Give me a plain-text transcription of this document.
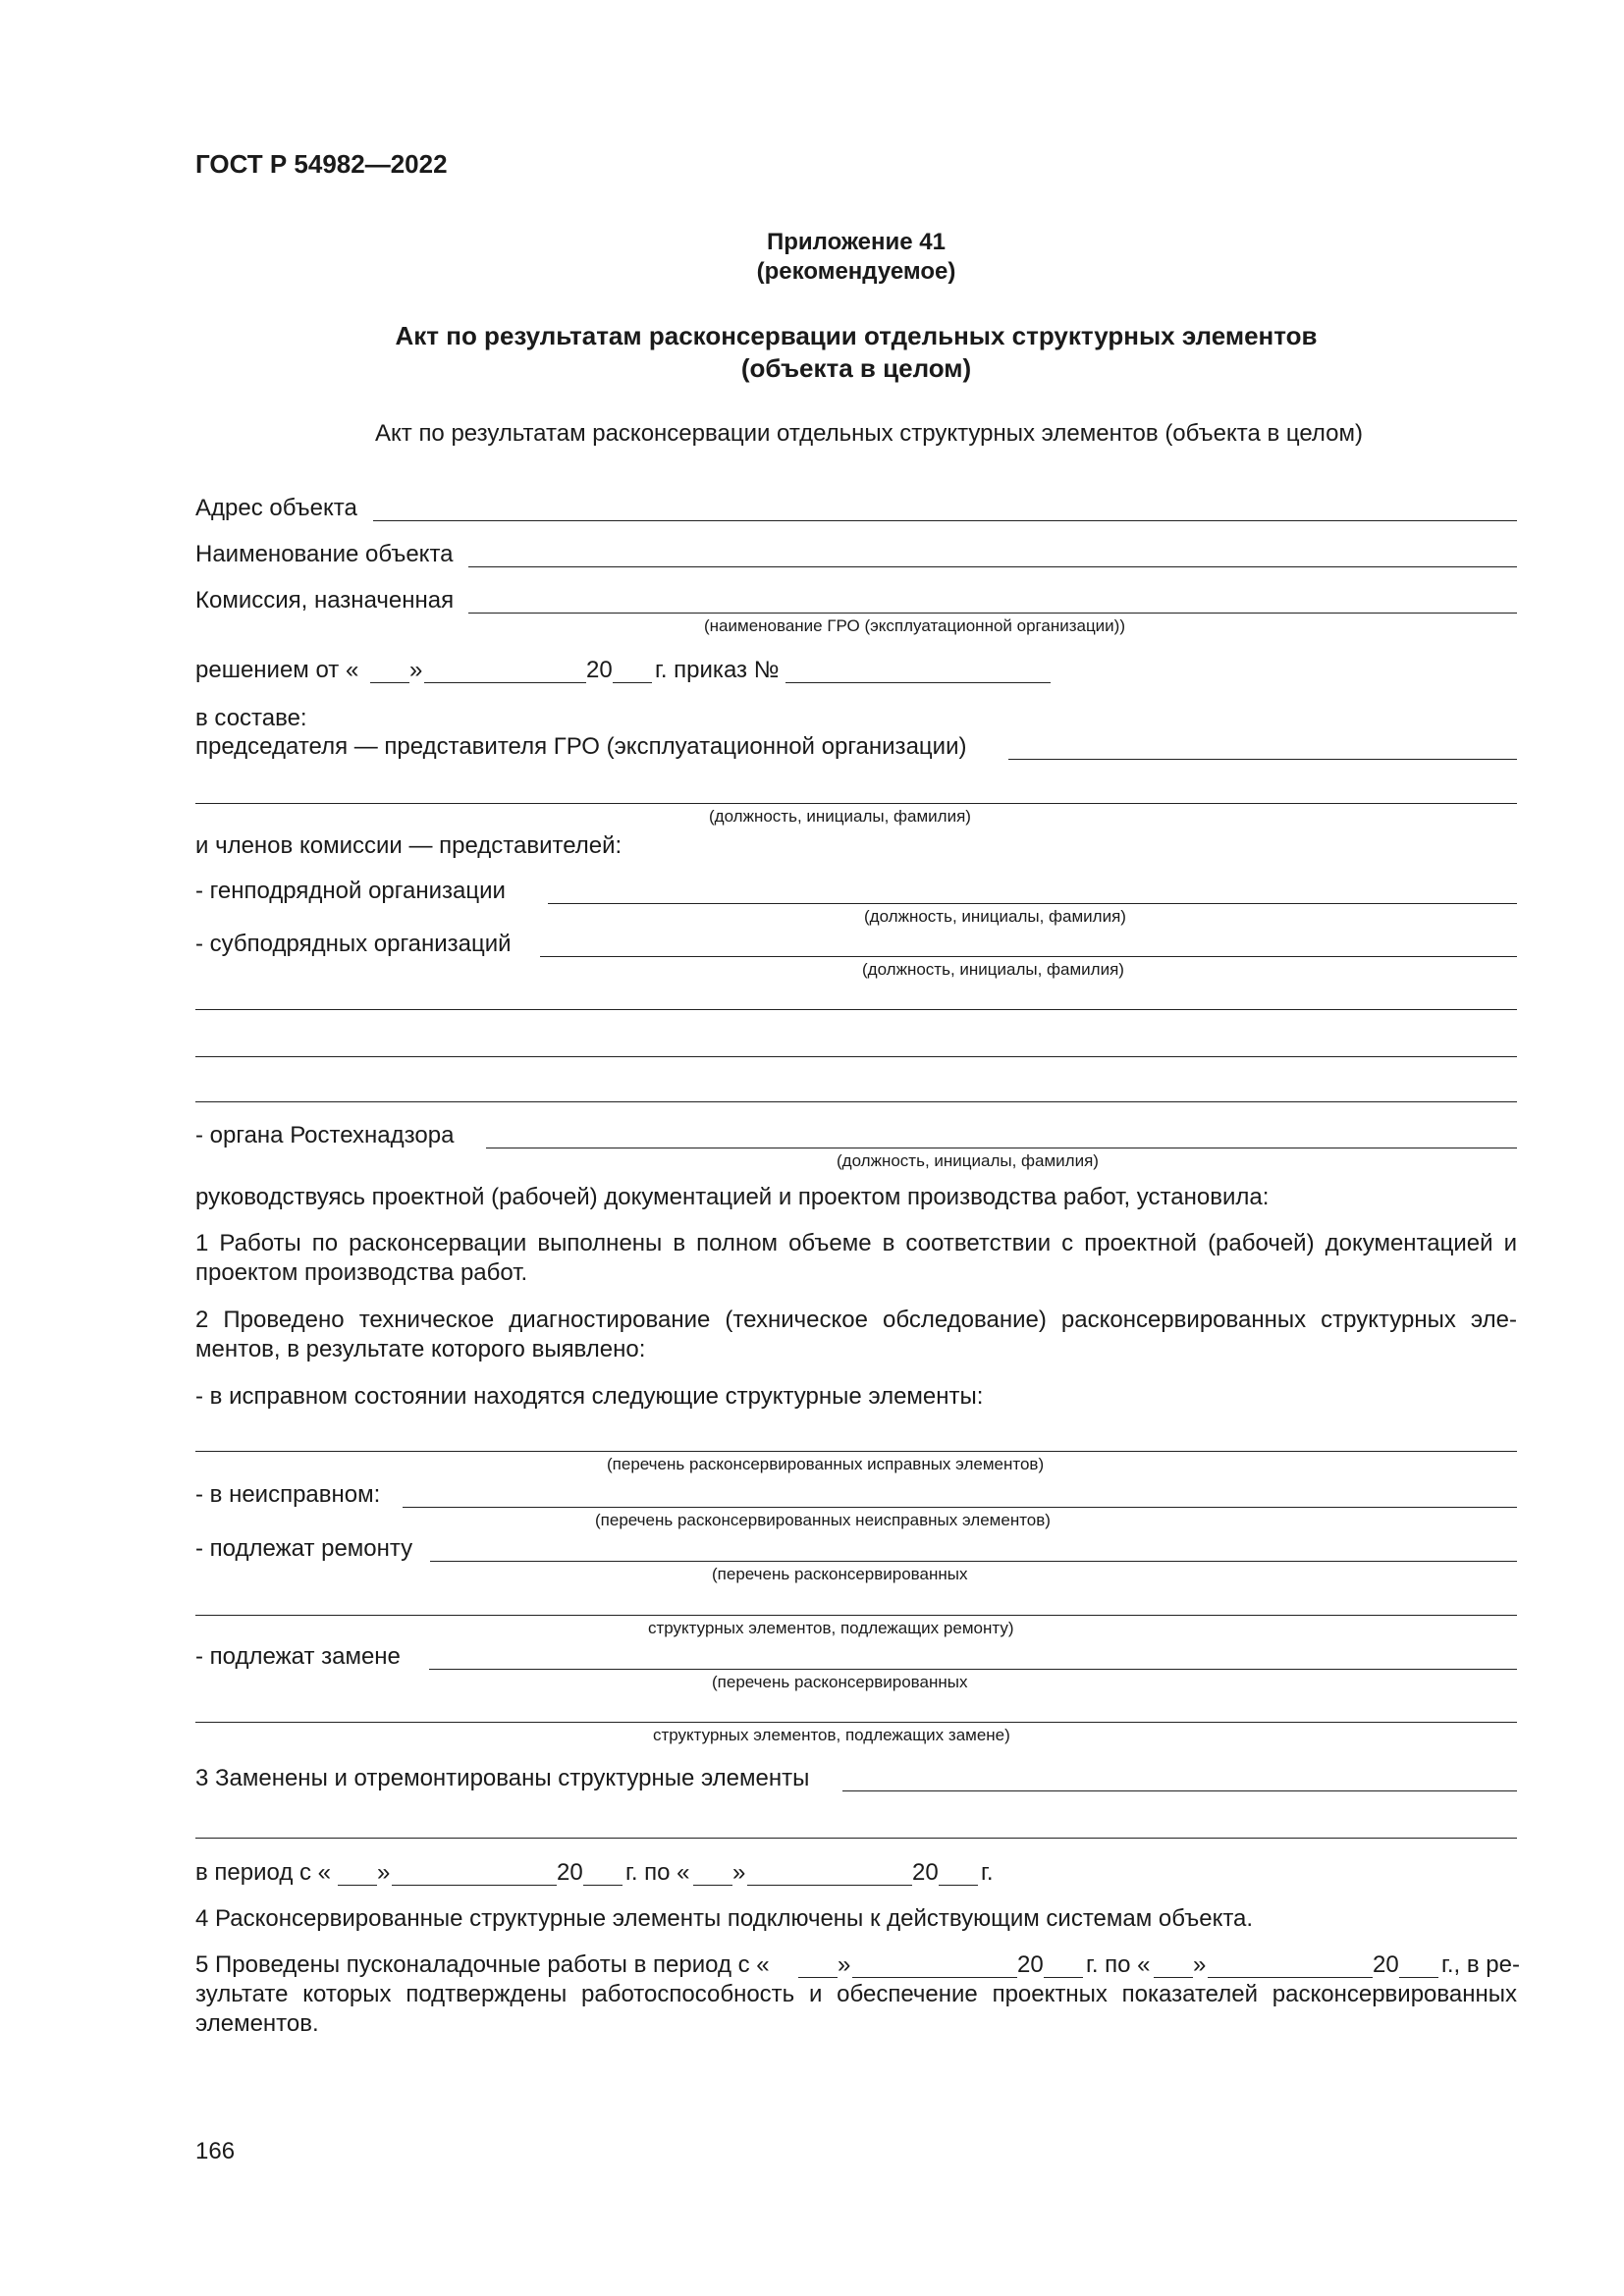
ГОСТ Р 54982—2022
Приложение 41
(рекомендуемое)
Акт по результатам расконсервации отдельных структурных элементов
(объекта в целом)
Акт по результатам расконсервации отдельных структурных элементов (объекта в целом)
Адрес объекта
Наименование объекта
Комиссия, назначенная
(наименование ГРО (эксплуатационной организации))
решением от « »	20 г. приказ №
в составе:
председателя — представителя ГРО (эксплуатационной организации)
(должность, инициалы, фамилия)
и членов комиссии — представителей:
- генподрядной организации
(должность, инициалы, фамилия)
- субподрядных организаций
(должность, инициалы, фамилия)
- органа Ростехнадзора
(должность, инициалы, фамилия)
руководствуясь проектной (рабочей) документацией и проектом производства работ, установила:
1 Работы по расконсервации выполнены в полном объеме в соответствии с проектной (рабочей) документацией и проектом производства работ.
2 Проведено техническое диагностирование (техническое обследование) расконсервированных структурных эле-ментов, в результате которого выявлено:
- в исправном состоянии находятся следующие структурные элементы:
(перечень расконсервированных исправных элементов)
- в неисправном:
(перечень расконсервированных неисправных элементов)
- подлежат ремонту
(перечень расконсервированных
структурных элементов, подлежащих ремонту)
- подлежат замене
(перечень расконсервированных
структурных элементов, подлежащих замене)
3 Заменены и отремонтированы структурные элементы
в период с « »	20 г. по « »	20 г.
4 Расконсервированные структурные элементы подключены к действующим системам объекта.
5 Проведены пусконаладочные работы в период с «	»	20 г. по « »	20 г., в ре-
зультате которых подтверждены работоспособность и обеспечение проектных показателей расконсервированных элементов.
166
